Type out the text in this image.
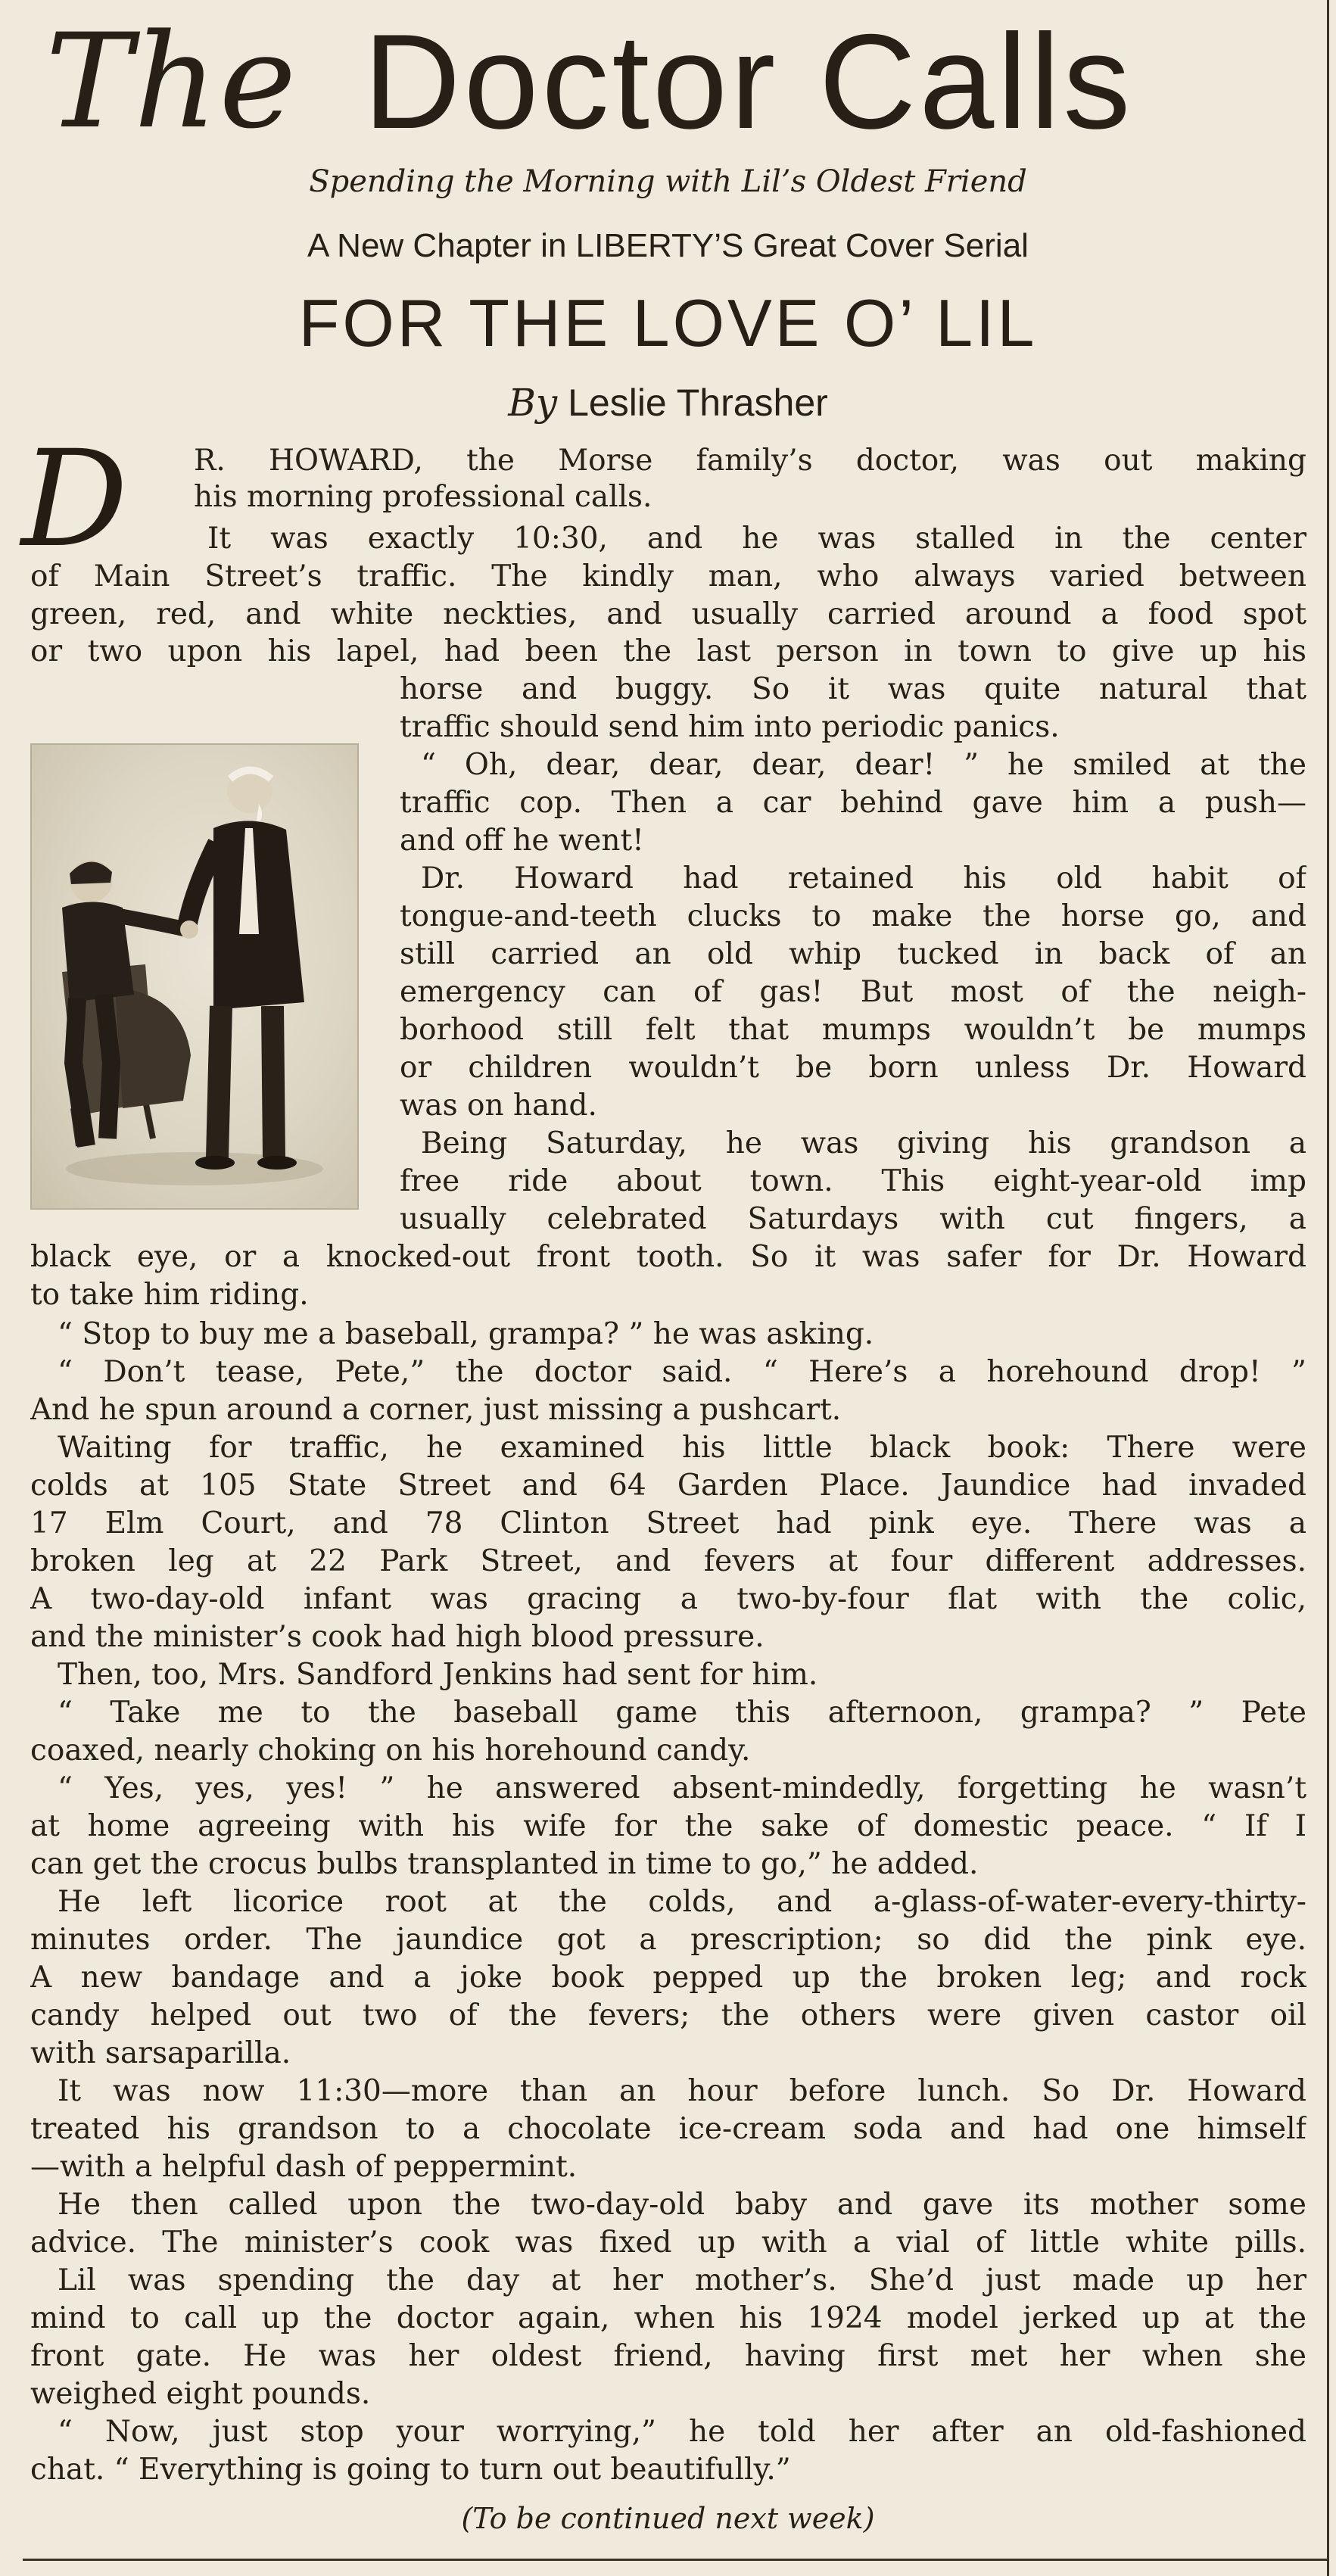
The Doctor Calls
Spending the Morning with Lil’s Oldest Friend
A New Chapter in LIBERTY’S Great Cover Serial
FOR THE LOVE O’ LIL
By Leslie Thrasher
D	R. HOWARD, the Morse family’s doctor, was out making
his morning professional calls.
It was exactly 10:30, and he was stalled in the center
of Main Street’s traffic. The kindly man, who always varied between
green, red, and white neckties, and usually carried around a food spot
or two upon his lapel, had been the last person in town to give up his
horse and buggy. So it was quite natural that
traffic should send him into periodic panics.
“ Oh, dear, dear, dear, dear! ” he smiled at the
traffic cop. Then a car behind gave him a push—
and off he went!
Dr. Howard had retained his old habit of
tongue-and-teeth clucks to make the horse go, and
still carried an old whip tucked in back of an
emergency can of gas! But most of the neigh-
borhood still felt that mumps wouldn’t be mumps
or children wouldn’t be born unless Dr. Howard
was on hand.
Being Saturday, he was giving his grandson a
free ride about town. This eight-year-old imp
usually celebrated Saturdays with cut fingers, a
black eye, or a knocked-out front tooth. So it was safer for Dr. Howard
to take him riding.
“ Stop to buy me a baseball, grampa? ” he was asking.
“ Don’t tease, Pete,” the doctor said. “ Here’s a horehound drop! ”
And he spun around a corner, just missing a pushcart.
Waiting for traffic, he examined his little black book: There were
colds at 105 State Street and 64 Garden Place. Jaundice had invaded
17 Elm Court, and 78 Clinton Street had pink eye. There was a
broken leg at 22 Park Street, and fevers at four different addresses.
A two-day-old infant was gracing a two-by-four flat with the colic,
and the minister’s cook had high blood pressure.
Then, too, Mrs. Sandford Jenkins had sent for him.
“ Take me to the baseball game this afternoon, grampa? ” Pete
coaxed, nearly choking on his horehound candy.
“ Yes, yes, yes! ” he answered absent-mindedly, forgetting he wasn’t
at home agreeing with his wife for the sake of domestic peace. “ If I
can get the crocus bulbs transplanted in time to go,” he added.
He left licorice root at the colds, and a-glass-of-water-every-thirty-
minutes order. The jaundice got a prescription; so did the pink eye.
A new bandage and a joke book pepped up the broken leg; and rock
candy helped out two of the fevers; the others were given castor oil
with sarsaparilla.
It was now 11:30—more than an hour before lunch. So Dr. Howard
treated his grandson to a chocolate ice-cream soda and had one himself
—with a helpful dash of peppermint.
He then called upon the two-day-old baby and gave its mother some
advice. The minister’s cook was fixed up with a vial of little white pills.
Lil was spending the day at her mother’s. She’d just made up her
mind to call up the doctor again, when his 1924 model jerked up at the
front gate. He was her oldest friend, having first met her when she
weighed eight pounds.
“ Now, just stop your worrying,” he told her after an old-fashioned
chat. “ Everything is going to turn out beautifully.”
(To be continued next week)
